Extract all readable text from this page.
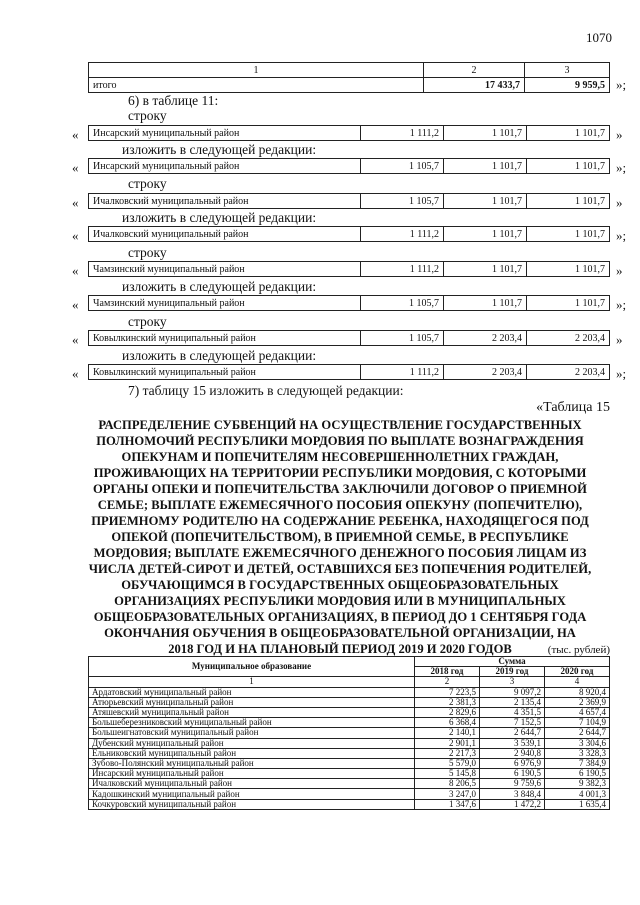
1070
1	2	3
итого	17 433,7	9 959,5 »;
6) в таблице 11:
строку
« Инсарский муниципальный район	1 111,2	1 101,7	1 101,7 »
изложить в следующей редакции:
« Инсарский муниципальный район	1 105,7	1 101,7	1 101,7 »;
строку
« Ичалковский муниципальный район	1 105,7	1 101,7	1 101,7 »
изложить в следующей редакции:
« Ичалковский муниципальный район	1 111,2	1 101,7	1 101,7 »;
строку
« Чамзинский муниципальный район	1 111,2	1 101,7	1 101,7 »
изложить в следующей редакции:
« Чамзинский муниципальный район	1 105,7	1 101,7	1 101,7 »;
строку
« Ковылкинский муниципальный район	1 105,7	2 203,4	2 203,4 »
изложить в следующей редакции:
« Ковылкинский муниципальный район	1 111,2	2 203,4	2 203,4 »;
7) таблицу 15 изложить в следующей редакции:
«Таблица 15
РАСПРЕДЕЛЕНИЕ СУБВЕНЦИЙ НА ОСУЩЕСТВЛЕНИЕ ГОСУДАРСТВЕННЫХ
ПОЛНОМОЧИЙ РЕСПУБЛИКИ МОРДОВИЯ ПО ВЫПЛАТЕ ВОЗНАГРАЖДЕНИЯ
ОПЕКУНАМ И ПОПЕЧИТЕЛЯМ НЕСОВЕРШЕННОЛЕТНИХ ГРАЖДАН,
ПРОЖИВАЮЩИХ НА ТЕРРИТОРИИ РЕСПУБЛИКИ МОРДОВИЯ, С КОТОРЫМИ
ОРГАНЫ ОПЕКИ И ПОПЕЧИТЕЛЬСТВА ЗАКЛЮЧИЛИ ДОГОВОР О ПРИЕМНОЙ
СЕМЬЕ; ВЫПЛАТЕ ЕЖЕМЕСЯЧНОГО ПОСОБИЯ ОПЕКУНУ (ПОПЕЧИТЕЛЮ),
ПРИЕМНОМУ РОДИТЕЛЮ НА СОДЕРЖАНИЕ РЕБЕНКА, НАХОДЯЩЕГОСЯ ПОД
ОПЕКОЙ (ПОПЕЧИТЕЛЬСТВОМ), В ПРИЕМНОЙ СЕМЬЕ, В РЕСПУБЛИКЕ
МОРДОВИЯ; ВЫПЛАТЕ ЕЖЕМЕСЯЧНОГО ДЕНЕЖНОГО ПОСОБИЯ ЛИЦАМ ИЗ
ЧИСЛА ДЕТЕЙ-СИРОТ И ДЕТЕЙ, ОСТАВШИХСЯ БЕЗ ПОПЕЧЕНИЯ РОДИТЕЛЕЙ,
ОБУЧАЮЩИМСЯ В ГОСУДАРСТВЕННЫХ ОБЩЕОБРАЗОВАТЕЛЬНЫХ
ОРГАНИЗАЦИЯХ РЕСПУБЛИКИ МОРДОВИЯ ИЛИ В МУНИЦИПАЛЬНЫХ
ОБЩЕОБРАЗОВАТЕЛЬНЫХ ОРГАНИЗАЦИЯХ, В ПЕРИОД ДО 1 СЕНТЯБРЯ ГОДА
ОКОНЧАНИЯ ОБУЧЕНИЯ В ОБЩЕОБРАЗОВАТЕЛЬНОЙ ОРГАНИЗАЦИИ, НА
2018 ГОД И НА ПЛАНОВЫЙ ПЕРИОД 2019 И 2020 ГОДОВ	(тыс. рублей)
Муниципальное образование	Сумма		
	2018 год	2019 год	2020 год
1	2	3	4
Ардатовский муниципальный район	7 223,5	9 097,2	8 920,4
Атюрьевский муниципальный район	2 381,3	2 135,4	2 369,9
Атяшевский муниципальный район	2 829,6	4 351,5	4 657,4
Большеберезниковский муниципальный район	6 368,4	7 152,5	7 104,9
Большеигнатовский муниципальный район	2 140,1	2 644,7	2 644,7
Дубенский муниципальный район	2 901,1	3 539,1	3 304,6
Ельниковский муниципальный район	2 217,3	2 940,8	3 328,3
Зубово-Полянский муниципальный район	5 579,0	6 976,9	7 384,9
Инсарский муниципальный район	5 145,8	6 190,5	6 190,5
Ичалковский муниципальный район	8 206,5	9 759,6	9 382,3
Кадошкинский муниципальный район	3 247,0	3 848,4	4 001,3
Кочкуровский муниципальный район	1 347,6	1 472,2	1 635,4
